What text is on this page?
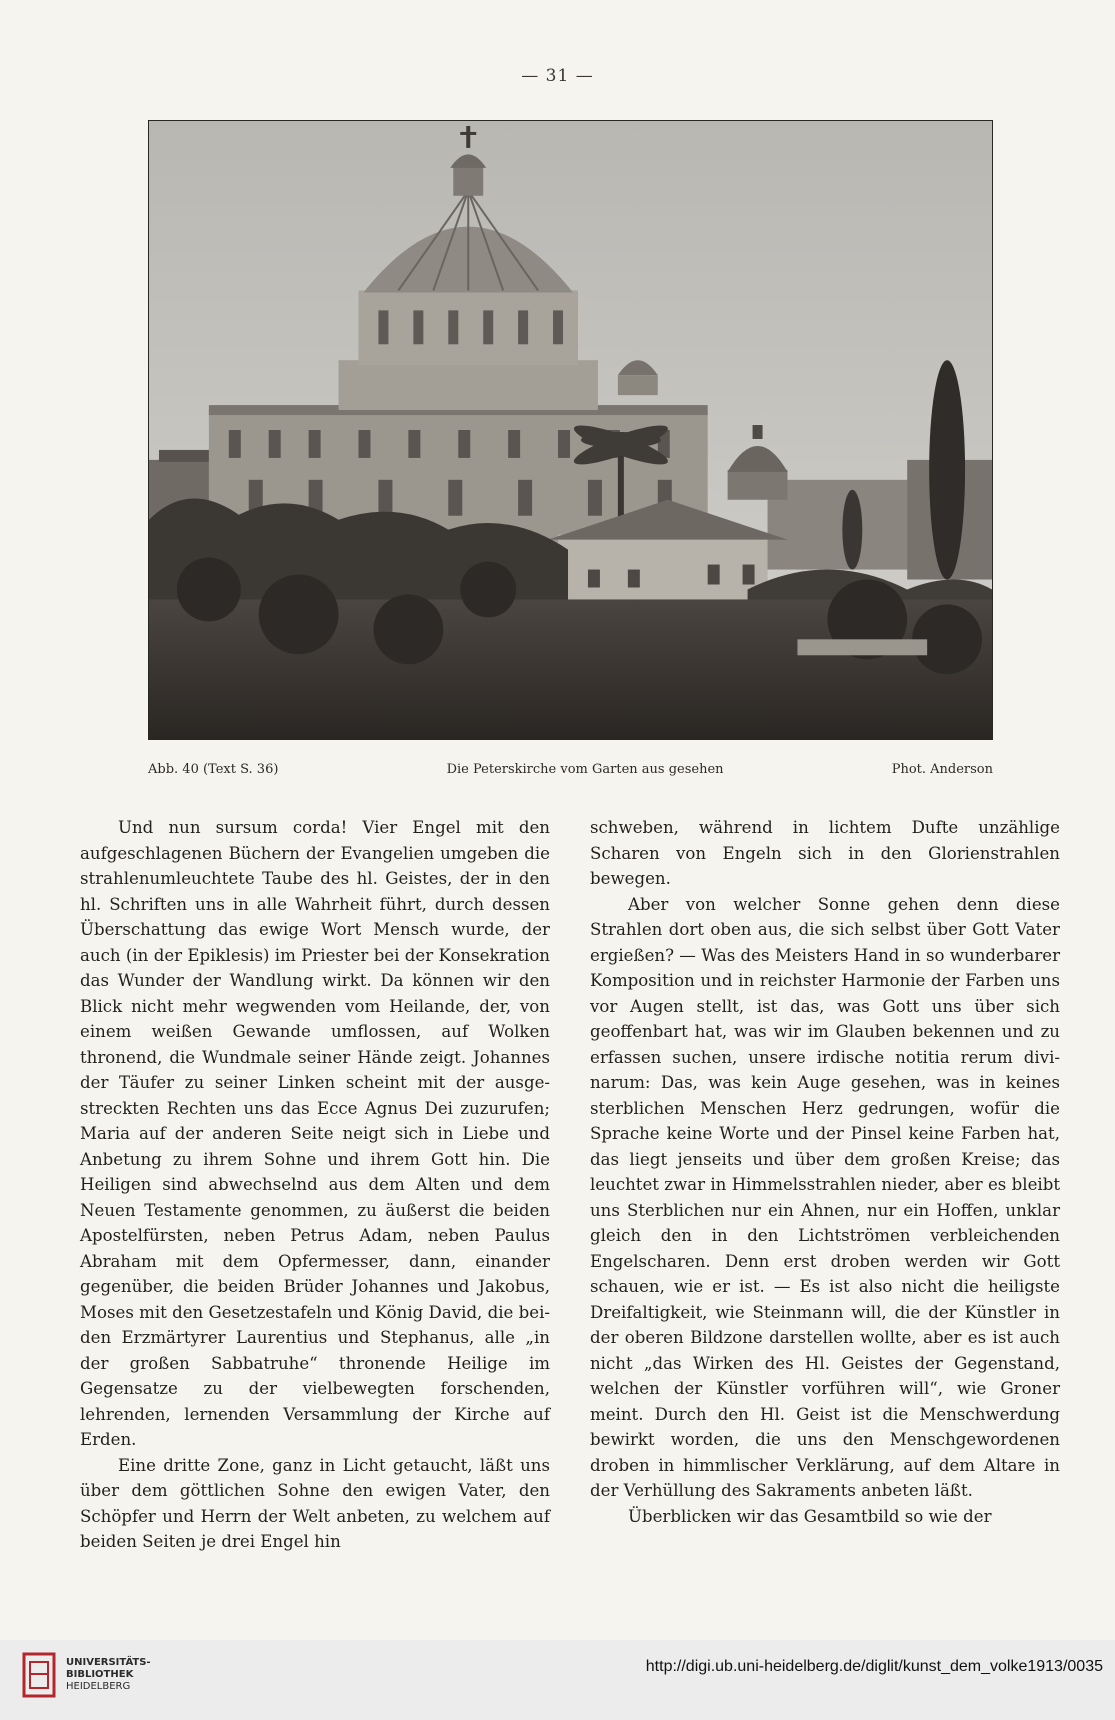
— 31 —
Abb. 40 (Text S. 36)	Die Peterskirche vom Garten aus gesehen	Phot. Anderson

Und nun sursum corda! Vier Engel mit den aufgeschlagenen Büchern der Evangelien umgeben die strahlenumleuchtete Taube des hl. Geistes, der in den hl. Schriften uns in alle Wahrheit führt, durch dessen Überschattung das ewige Wort Mensch wurde, der auch (in der Epiklesis) im Priester bei der Konsekration das Wunder der Wandlung wirkt. Da können wir den Blick nicht mehr wegwenden vom Heilande, der, von einem weißen Gewande umflossen, auf Wolken thronend, die Wundmale seiner Hände zeigt. Johannes der Täufer zu seiner Linken scheint mit der ausgestreckten Rechten uns das Ecce Agnus Dei zuzurufen; Maria auf der anderen Seite neigt sich in Liebe und Anbetung zu ihrem Sohne und ihrem Gott hin. Die Heiligen sind abwechselnd aus dem Alten und dem Neuen Testamente genommen, zu äußerst die beiden Apostelfürsten, neben Petrus Adam, neben Paulus Abraham mit dem Opfermesser, dann, einander gegenüber, die beiden Brüder Johannes und Jakobus, Moses mit den Gesetzestafeln und König David, die beiden Erzmärtyrer Laurentius und Stephanus, alle „in der großen Sabbatruhe“ thronende Heilige im Gegensatze zu der vielbewegten forschenden, lehrenden, lernenden Versammlung der Kirche auf Erden.

Eine dritte Zone, ganz in Licht getaucht, läßt uns über dem göttlichen Sohne den ewigen Vater, den Schöpfer und Herrn der Welt anbeten, zu welchem auf beiden Seiten je drei Engel hin

schweben, während in lichtem Dufte unzählige Scharen von Engeln sich in den Glorienstrahlen bewegen.

Aber von welcher Sonne gehen denn diese Strahlen dort oben aus, die sich selbst über Gott Vater ergießen? — Was des Meisters Hand in so wunderbarer Komposition und in reichster Harmonie der Farben uns vor Augen stellt, ist das, was Gott uns über sich geoffenbart hat, was wir im Glauben bekennen und zu erfassen suchen, unsere irdische notitia rerum divinarum: Das, was kein Auge gesehen, was in keines sterblichen Menschen Herz gedrungen, wofür die Sprache keine Worte und der Pinsel keine Farben hat, das liegt jenseits und über dem großen Kreise; das leuchtet zwar in Himmelsstrahlen nieder, aber es bleibt uns Sterblichen nur ein Ahnen, nur ein Hoffen, unklar gleich den in den Lichtströmen verbleichenden Engelscharen. Denn erst droben werden wir Gott schauen, wie er ist. — Es ist also nicht die heiligste Dreifaltigkeit, wie Steinmann will, die der Künstler in der oberen Bildzone darstellen wollte, aber es ist auch nicht „das Wirken des Hl. Geistes der Gegenstand, welchen der Künstler vorführen will“, wie Groner meint. Durch den Hl. Geist ist die Menschwerdung bewirkt worden, die uns den Menschgewordenen droben in himmlischer Verklärung, auf dem Altare in der Verhüllung des Sakraments anbeten läßt.

Überblicken wir das Gesamtbild so wie der

UNIVERSITÄTS-
BIBLIOTHEK
HEIDELBERG
http://digi.ub.uni-heidelberg.de/diglit/kunst_dem_volke1913/0035
